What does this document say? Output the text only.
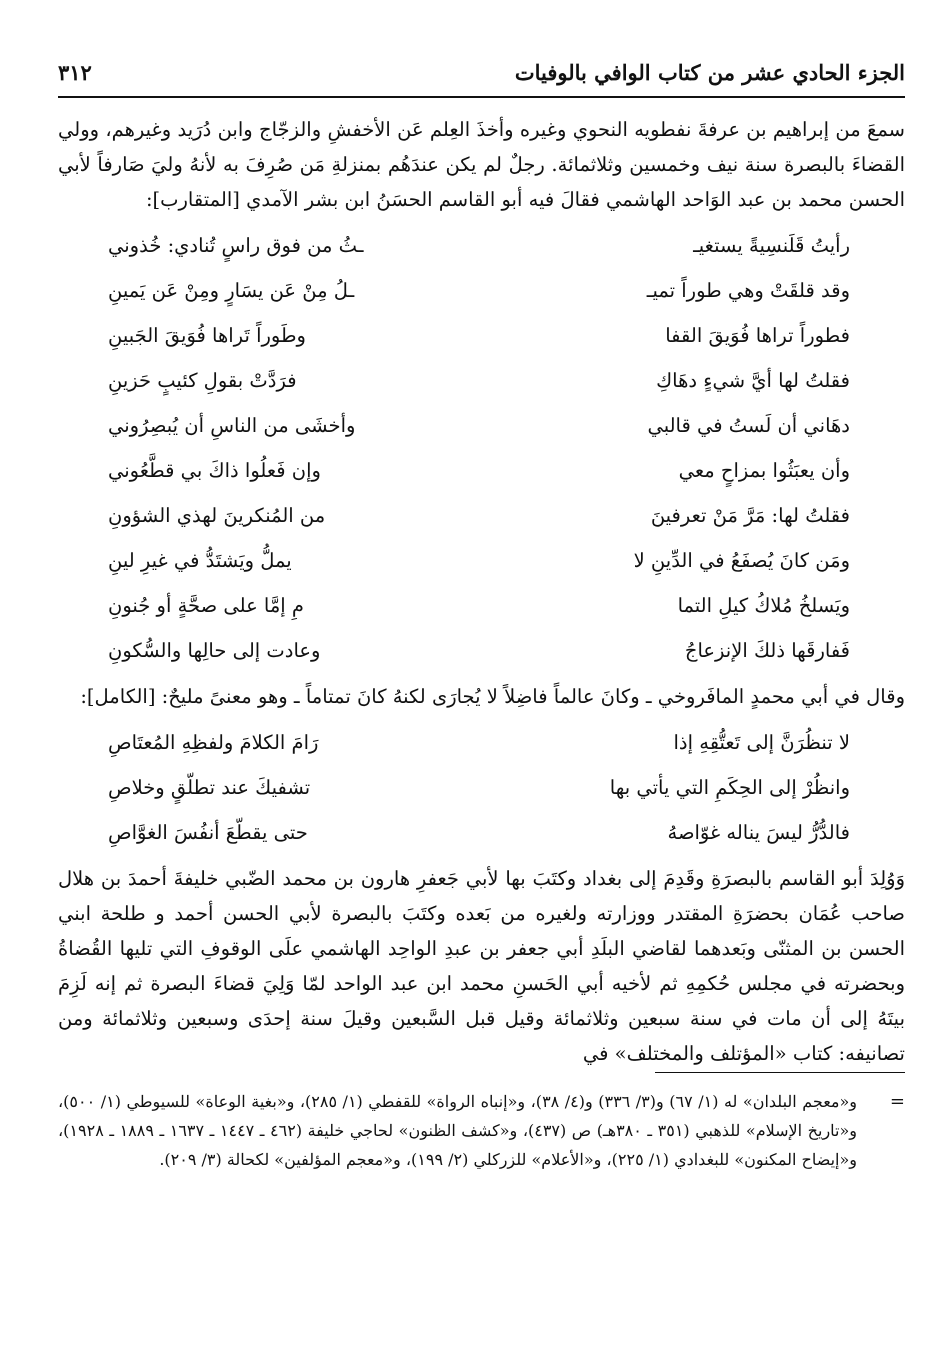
الجزء الحادي عشر من كتاب الوافي بالوفيات
٣١٢

سمعَ من إبراهيم بن عرفةَ نفطويه النحوي وغيره وأخذَ العِلم عَن الأخفشِ والزجّاج وابن دُرَيد وغيرهم، وولي القضاءَ بالبصرة سنة نيف وخمسين وثلاثمائة. رجلٌ لم يكن عندَهُم بمنزلةِ مَن صُرِفَ به لأنهُ وليَ صَارفاً لأبي الحسن محمد بن عبد الوَاحد الهاشمي فقالَ فيه أبو القاسم الحسَنُ ابن بشر الآمدي [المتقارب]:

رأيتُ قَلَنسِيةً يستغيـ
ـثُ من فوق راسٍ تُنادي: خُذوني
وقد قلقَتْ وهي طوراً تميـ
ـلُ مِنْ عَن يسَارٍ ومِنْ عَن يَمينِ
فطوراً تراها فُوَيقَ القفا
وطَوراً تَراها فُوَيقَ الجَبينِ
فقلتُ لها أيَّ شيءٍ دهَاكِ
فرَدَّتْ بقولِ كئيبٍ حَزينِ
دهَاني أن لَستُ في قالبي
وأخشَى من الناسِ أن يُبصِرُوني
وأن يعبَثُوا بمزاحٍ معي
وإن فَعلُوا ذاكَ بي قطَّعُوني
فقلتُ لها: مَرَّ مَنْ تعرفينَ
من المُنكرينَ لهذي الشؤونِ
ومَن كانَ يُصفَعُ في الدِّينِ لا
يملُّ ويَشتَدُّ في غيرِ لينِ
ويَسلخُ مُلاكُ كيلِ التما
مِ إمَّا على صحَّةٍ أو جُنونِ
فَفارقَها ذلكَ الإنزعاجُ
وعادت إلى حالِها والسُّكونِ

وقال في أبي محمدٍ المافَروخي ـ وكانَ عالماً فاضِلاً لا يُجارَى لكنهُ كانَ تمتاماً ـ وهو معنىً مليحٌ: [الكامل]:

لا تنظُرَنَّ إلى تَعتُّقِهِ إذا
رَامَ الكلامَ ولفظِهِ المُعتَاصِ
وانظُرْ إلى الحِكَمِ التي يأتي بها
تشفيكَ عند تطلّقٍ وخلاصِ
فالدُّرُّ ليسَ يناله غوّاصهُ
حتى يقطّعَ أنفُسَ الغوَّاصِ

وَوُلِدَ أبو القاسم بالبصرَةِ وقَدِمَ إلى بغداد وكتَبَ بها لأبي جَعفرِ هارون بن محمد الضّبي خليفةَ أحمدَ بن هلال صاحب عُمَان بحضرَةِ المقتدر ووزارته ولغيره من بَعده وكتَبَ بالبصرة لأبي الحسن أحمد و طلحة ابني الحسن بن المثنّى وبَعدهما لقاضي البلَدِ أبي جعفر بن عبدِ الواحِد الهاشمي علَى الوقوفِ التي تليها القُضاةُ وبحضرته في مجلس حُكمِهِ ثم لأخيه أبي الحَسنِ محمد ابن عبد الواحد لمّا وَلِيَ قضاءَ البصرة ثم إنه لَزِمَ بيتَهُ إلى أن مات في سنة سبعين وثلاثمائة وقيل قبل السَّبعين وقيلَ سنة إحدَى وسبعين وثلاثمائة ومن تصانيفه: كتاب «المؤتلف والمختلف» في

=
و«معجم البلدان» له (١/ ٦٧) و(٣/ ٣٣٦) و(٤/ ٣٨)، و«إنباه الرواة» للقفطي (١/ ٢٨٥)، و«بغية الوعاة» للسيوطي (١/ ٥٠٠)، و«تاريخ الإسلام» للذهبي (٣٥١ ـ ٣٨٠هـ) ص (٤٣٧)، و«كشف الظنون» لحاجي خليفة (٤٦٢ ـ ١٤٤٧ ـ ١٦٣٧ ـ ١٨٨٩ ـ ١٩٢٨)، و«إيضاح المكنون» للبغدادي (١/ ٢٢٥)، و«الأعلام» للزركلي (٢/ ١٩٩)، و«معجم المؤلفين» لكحالة (٣/ ٢٠٩).
